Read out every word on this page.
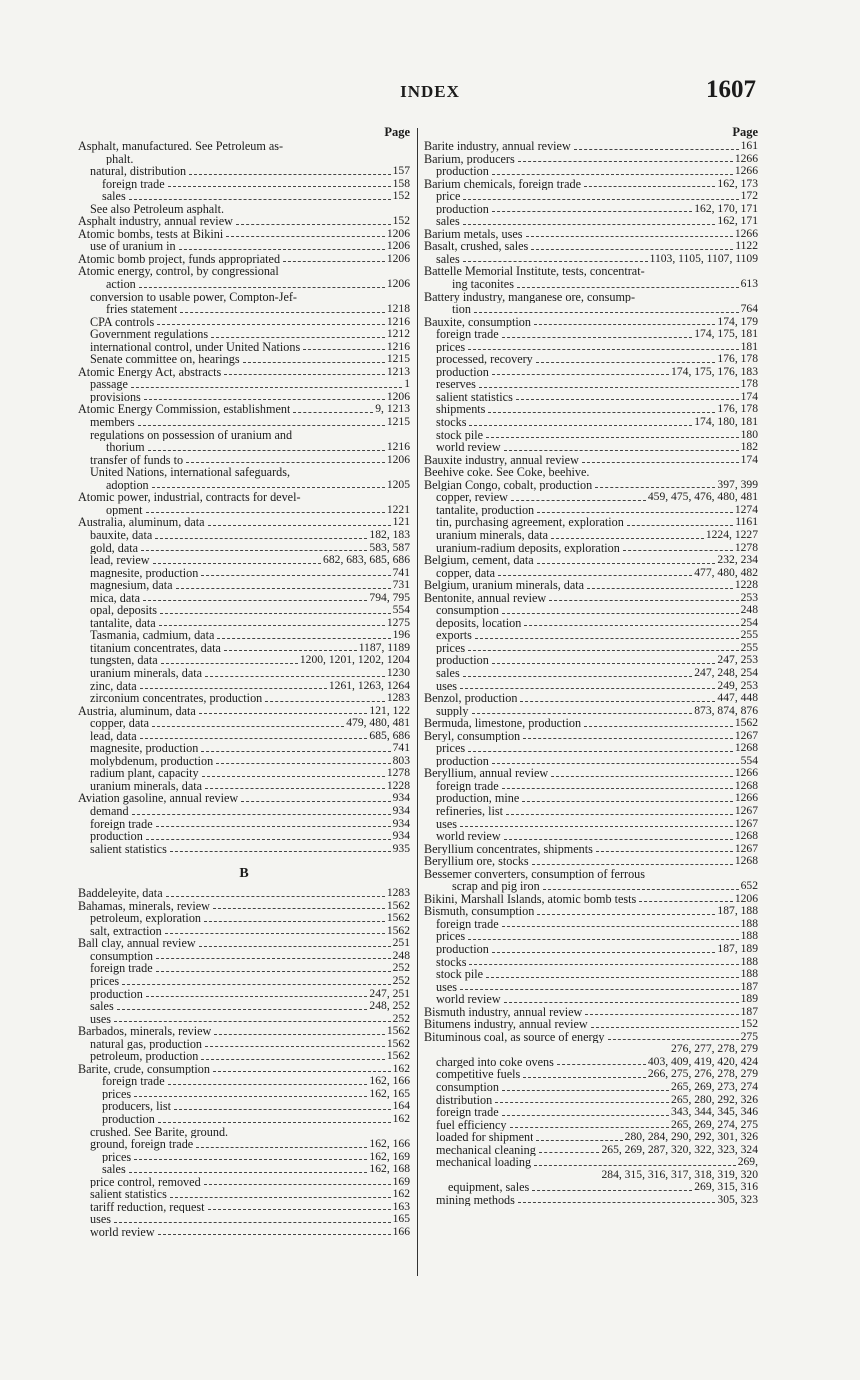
INDEX	1607
Page
Asphalt, manufactured. See Petroleum as-
phalt.
natural, distribution	157
foreign trade	158
sales	152
See also Petroleum asphalt.
Asphalt industry, annual review	152
Atomic bombs, tests at Bikini	1206
use of uranium in	1206
Atomic bomb project, funds appropriated	1206
Atomic energy, control, by congressional
action	1206
conversion to usable power, Compton-Jef-
fries statement	1218
CPA controls	1216
Government regulations	1212
international control, under United Nations	1216
Senate committee on, hearings	1215
Atomic Energy Act, abstracts	1213
passage	1
provisions	1206
Atomic Energy Commission, establishment	9, 1213
members	1215
regulations on possession of uranium and
thorium	1216
transfer of funds to	1206
United Nations, international safeguards,
adoption	1205
Atomic power, industrial, contracts for devel-
opment	1221
Australia, aluminum, data	121
bauxite, data	182, 183
gold, data	583, 587
lead, review	682, 683, 685, 686
magnesite, production	741
magnesium, data	731
mica, data	794, 795
opal, deposits	554
tantalite, data	1275
Tasmania, cadmium, data	196
titanium concentrates, data	1187, 1189
tungsten, data	1200, 1201, 1202, 1204
uranium minerals, data	1230
zinc, data	1261, 1263, 1264
zirconium concentrates, production	1283
Austria, aluminum, data	121, 122
copper, data	479, 480, 481
lead, data	685, 686
magnesite, production	741
molybdenum, production	803
radium plant, capacity	1278
uranium minerals, data	1228
Aviation gasoline, annual review	934
demand	934
foreign trade	934
production	934
salient statistics	935
B
Baddeleyite, data	1283
Bahamas, minerals, review	1562
petroleum, exploration	1562
salt, extraction	1562
Ball clay, annual review	251
consumption	248
foreign trade	252
prices	252
production	247, 251
sales	248, 252
uses	252
Barbados, minerals, review	1562
natural gas, production	1562
petroleum, production	1562
Barite, crude, consumption	162
foreign trade	162, 166
prices	162, 165
producers, list	164
production	162
crushed. See Barite, ground.
ground, foreign trade	162, 166
prices	162, 169
sales	162, 168
price control, removed	169
salient statistics	162
tariff reduction, request	163
uses	165
world review	166
Page
Barite industry, annual review	161
Barium, producers	1266
production	1266
Barium chemicals, foreign trade	162, 173
price	172
production	162, 170, 171
sales	162, 171
Barium metals, uses	1266
Basalt, crushed, sales	1122
sales	1103, 1105, 1107, 1109
Battelle Memorial Institute, tests, concentrat-
ing taconites	613
Battery industry, manganese ore, consump-
tion	764
Bauxite, consumption	174, 179
foreign trade	174, 175, 181
prices	181
processed, recovery	176, 178
production	174, 175, 176, 183
reserves	178
salient statistics	174
shipments	176, 178
stocks	174, 180, 181
stock pile	180
world review	182
Bauxite industry, annual review	174
Beehive coke. See Coke, beehive.
Belgian Congo, cobalt, production	397, 399
copper, review	459, 475, 476, 480, 481
tantalite, production	1274
tin, purchasing agreement, exploration	1161
uranium minerals, data	1224, 1227
uranium-radium deposits, exploration	1278
Belgium, cement, data	232, 234
copper, data	477, 480, 482
Belgium, uranium minerals, data	1228
Bentonite, annual review	253
consumption	248
deposits, location	254
exports	255
prices	255
production	247, 253
sales	247, 248, 254
uses	249, 253
Benzol, production	447, 448
supply	873, 874, 876
Bermuda, limestone, production	1562
Beryl, consumption	1267
prices	1268
production	554
Beryllium, annual review	1266
foreign trade	1268
production, mine	1266
refineries, list	1267
uses	1267
world review	1268
Beryllium concentrates, shipments	1267
Beryllium ore, stocks	1268
Bessemer converters, consumption of ferrous
scrap and pig iron	652
Bikini, Marshall Islands, atomic bomb tests	1206
Bismuth, consumption	187, 188
foreign trade	188
prices	188
production	187, 189
stocks	188
stock pile	188
uses	187
world review	189
Bismuth industry, annual review	187
Bitumens industry, annual review	152
Bituminous coal, as source of energy	275
276, 277, 278, 279
charged into coke ovens	403, 409, 419, 420, 424
competitive fuels	266, 275, 276, 278, 279
consumption	265, 269, 273, 274
distribution	265, 280, 292, 326
foreign trade	343, 344, 345, 346
fuel efficiency	265, 269, 274, 275
loaded for shipment	280, 284, 290, 292, 301, 326
mechanical cleaning	265, 269, 287, 320, 322, 323, 324
mechanical loading	269,
284, 315, 316, 317, 318, 319, 320
equipment, sales	269, 315, 316
mining methods	305, 323
